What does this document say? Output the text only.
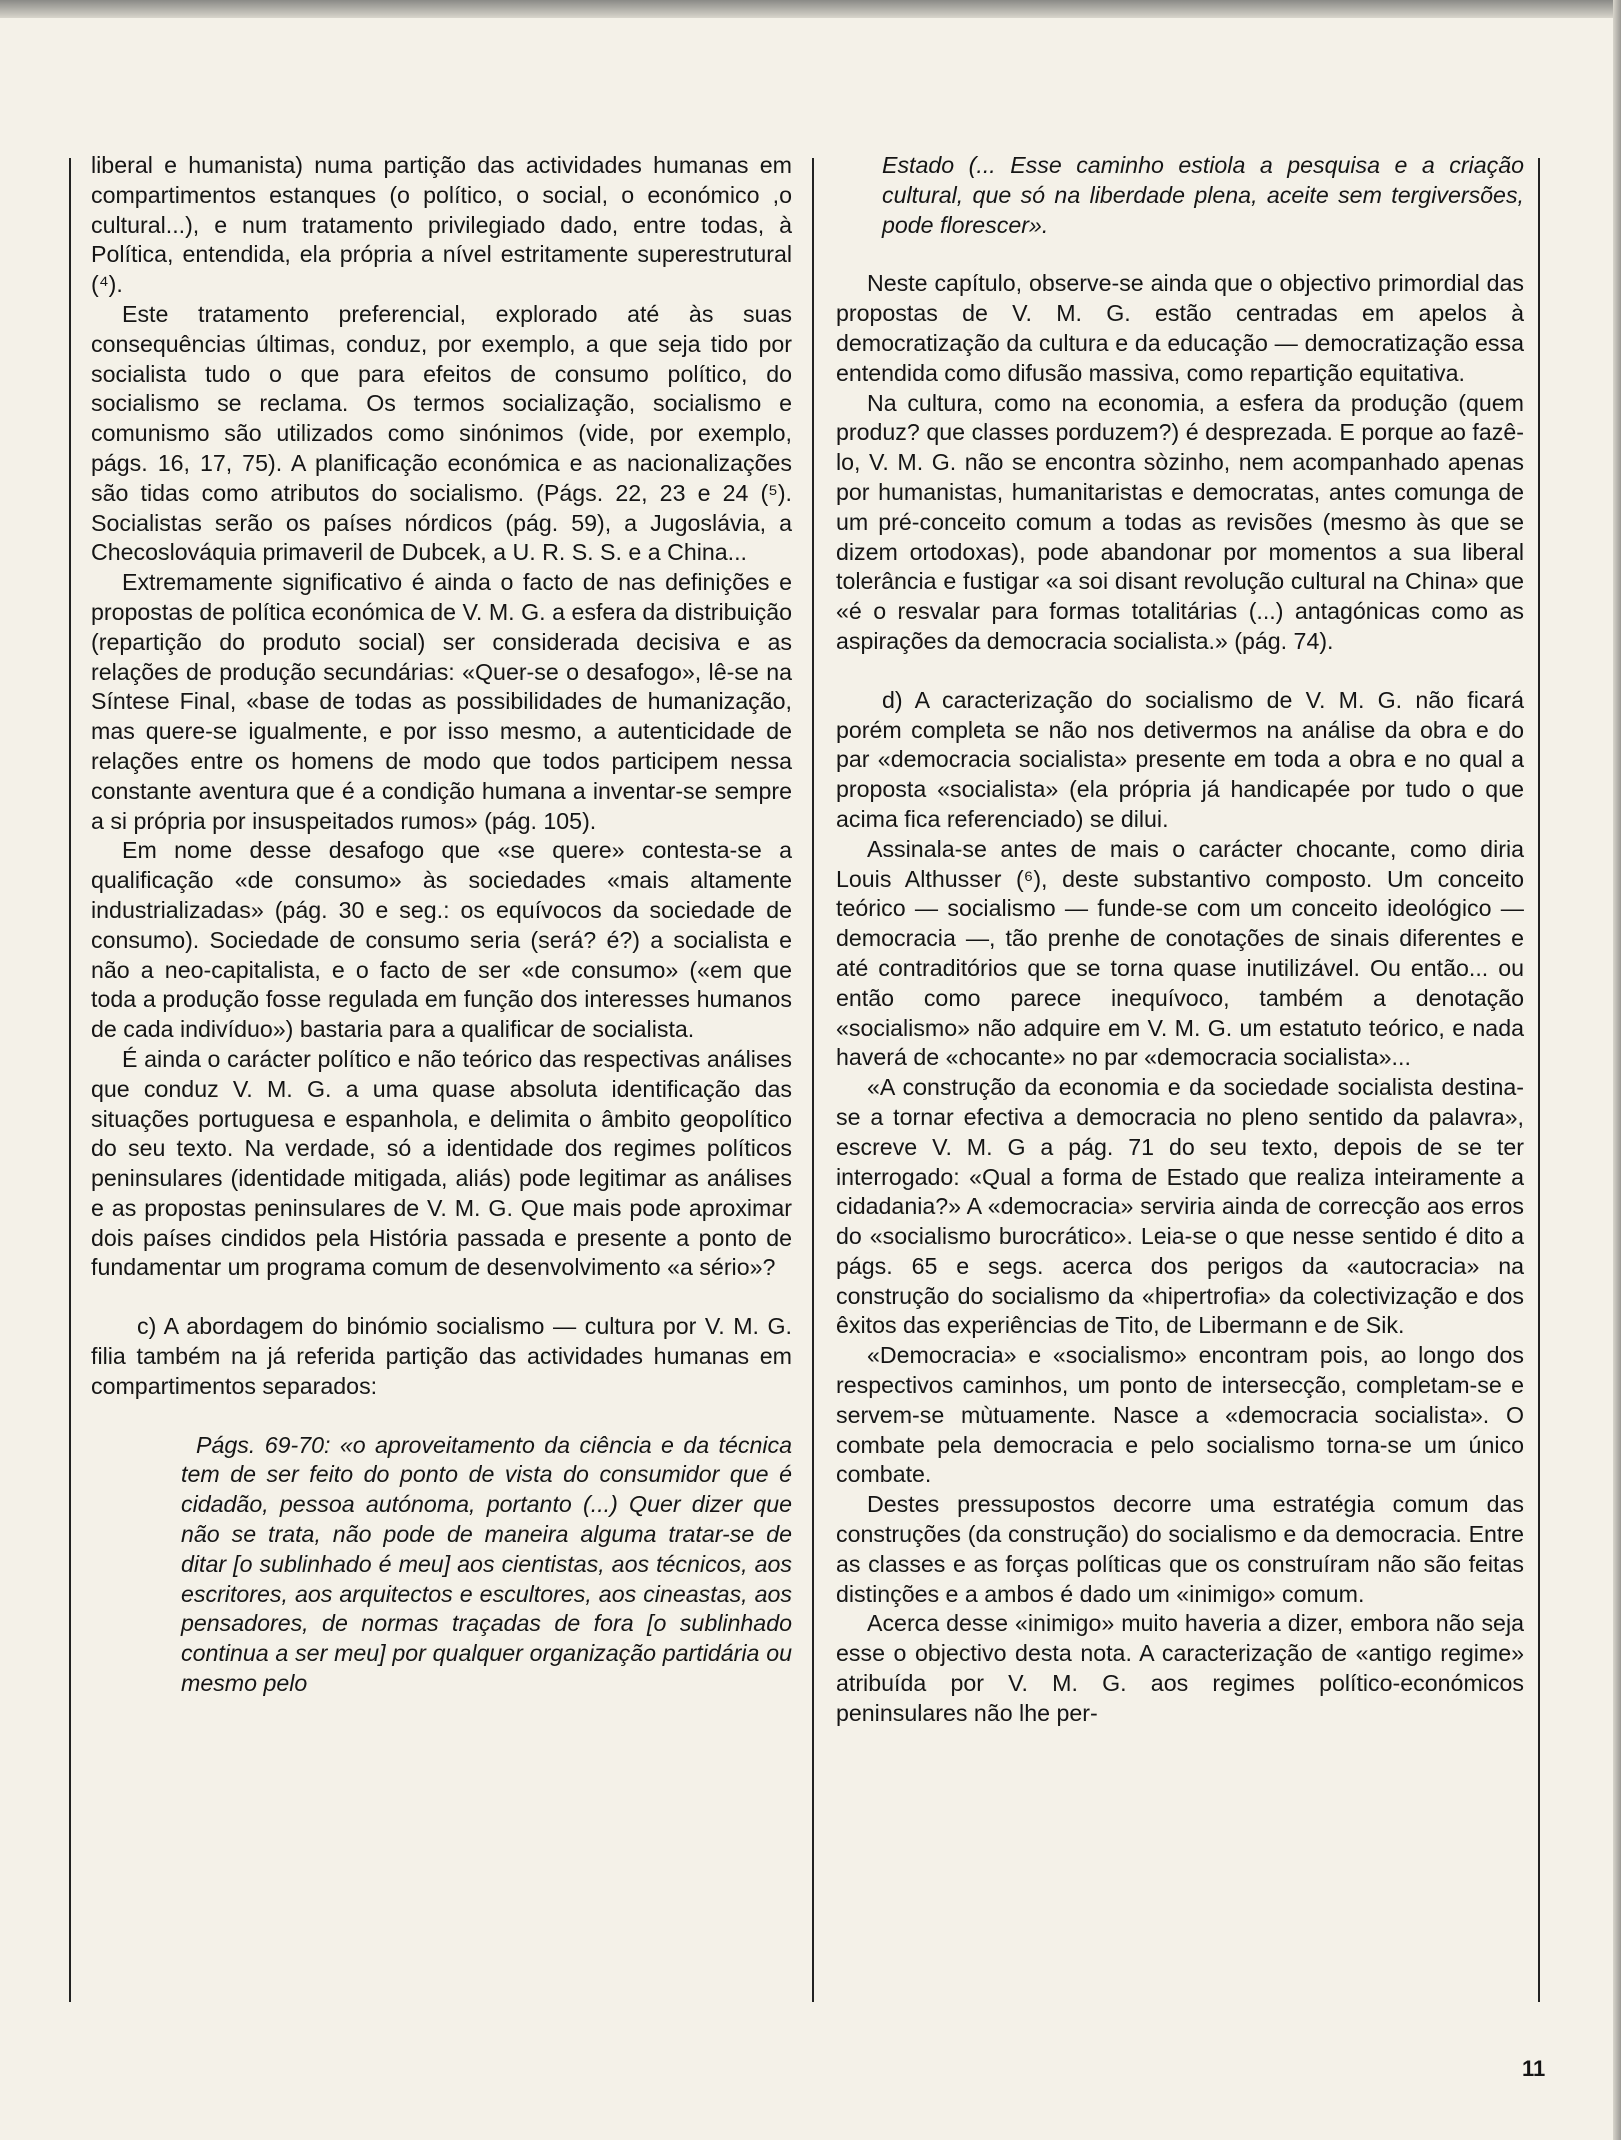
liberal e humanista) numa partição das actividades humanas em compartimentos estanques (o político, o social, o económico ,o cultural...), e num tratamento privilegiado dado, entre todas, à Política, entendida, ela própria a nível estritamente superestrutural (⁴).

Este tratamento preferencial, explorado até às suas consequências últimas, conduz, por exemplo, a que seja tido por socialista tudo o que para efeitos de consumo político, do socialismo se reclama. Os termos socialização, socialismo e comunismo são utilizados como sinónimos (vide, por exemplo, págs. 16, 17, 75). A planificação económica e as nacionalizações são tidas como atributos do socialismo. (Págs. 22, 23 e 24 (⁵). Socialistas serão os países nórdicos (pág. 59), a Jugoslávia, a Checoslováquia primaveril de Dubcek, a U. R. S. S. e a China...

Extremamente significativo é ainda o facto de nas definições e propostas de política económica de V. M. G. a esfera da distribuição (repartição do produto social) ser considerada decisiva e as relações de produção secundárias: «Quer-se o desafogo», lê-se na Síntese Final, «base de todas as possibilidades de humanização, mas quere-se igualmente, e por isso mesmo, a autenticidade de relações entre os homens de modo que todos participem nessa constante aventura que é a condição humana a inventar-se sempre a si própria por insuspeitados rumos» (pág. 105).

Em nome desse desafogo que «se quere» contesta-se a qualificação «de consumo» às sociedades «mais altamente industrializadas» (pág. 30 e seg.: os equívocos da sociedade de consumo). Sociedade de consumo seria (será? é?) a socialista e não a neo-capitalista, e o facto de ser «de consumo» («em que toda a produção fosse regulada em função dos interesses humanos de cada indivíduo») bastaria para a qualificar de socialista.

É ainda o carácter político e não teórico das respectivas análises que conduz V. M. G. a uma quase absoluta identificação das situações portuguesa e espanhola, e delimita o âmbito geopolítico do seu texto. Na verdade, só a identidade dos regimes políticos peninsulares (identidade mitigada, aliás) pode legitimar as análises e as propostas peninsulares de V. M. G. Que mais pode aproximar dois países cindidos pela História passada e presente a ponto de fundamentar um programa comum de desenvolvimento «a sério»?

c) A abordagem do binómio socialismo — cultura por V. M. G. filia também na já referida partição das actividades humanas em compartimentos separados:

Págs. 69-70: «o aproveitamento da ciência e da técnica tem de ser feito do ponto de vista do consumidor que é cidadão, pessoa autónoma, portanto (...) Quer dizer que não se trata, não pode de maneira alguma tratar-se de ditar [o sublinhado é meu] aos cientistas, aos técnicos, aos escritores, aos arquitectos e escultores, aos cineastas, aos pensadores, de normas traçadas de fora [o sublinhado continua a ser meu] por qualquer organização partidária ou mesmo pelo

Estado (... Esse caminho estiola a pesquisa e a criação cultural, que só na liberdade plena, aceite sem tergiversões, pode florescer».

Neste capítulo, observe-se ainda que o objectivo primordial das propostas de V. M. G. estão centradas em apelos à democratização da cultura e da educação — democratização essa entendida como difusão massiva, como repartição equitativa.

Na cultura, como na economia, a esfera da produção (quem produz? que classes porduzem?) é desprezada. E porque ao fazê-lo, V. M. G. não se encontra sòzinho, nem acompanhado apenas por humanistas, humanitaristas e democratas, antes comunga de um pré-conceito comum a todas as revisões (mesmo às que se dizem ortodoxas), pode abandonar por momentos a sua liberal tolerância e fustigar «a soi disant revolução cultural na China» que «é o resvalar para formas totalitárias (...) antagónicas como as aspirações da democracia socialista.» (pág. 74).

d) A caracterização do socialismo de V. M. G. não ficará porém completa se não nos detivermos na análise da obra e do par «democracia socialista» presente em toda a obra e no qual a proposta «socialista» (ela própria já handicapée por tudo o que acima fica referenciado) se dilui.

Assinala-se antes de mais o carácter chocante, como diria Louis Althusser (⁶), deste substantivo composto. Um conceito teórico — socialismo — funde-se com um conceito ideológico — democracia —, tão prenhe de conotações de sinais diferentes e até contraditórios que se torna quase inutilizável. Ou então... ou então como parece inequívoco, também a denotação «socialismo» não adquire em V. M. G. um estatuto teórico, e nada haverá de «chocante» no par «democracia socialista»...

«A construção da economia e da sociedade socialista destina-se a tornar efectiva a democracia no pleno sentido da palavra», escreve V. M. G a pág. 71 do seu texto, depois de se ter interrogado: «Qual a forma de Estado que realiza inteiramente a cidadania?» A «democracia» serviria ainda de correcção aos erros do «socialismo burocrático». Leia-se o que nesse sentido é dito a págs. 65 e segs. acerca dos perigos da «autocracia» na construção do socialismo da «hipertrofia» da colectivização e dos êxitos das experiências de Tito, de Libermann e de Sik.

«Democracia» e «socialismo» encontram pois, ao longo dos respectivos caminhos, um ponto de intersecção, completam-se e servem-se mùtuamente. Nasce a «democracia socialista». O combate pela democracia e pelo socialismo torna-se um único combate.

Destes pressupostos decorre uma estratégia comum das construções (da construção) do socialismo e da democracia. Entre as classes e as forças políticas que os construíram não são feitas distinções e a ambos é dado um «inimigo» comum.

Acerca desse «inimigo» muito haveria a dizer, embora não seja esse o objectivo desta nota. A caracterização de «antigo regime» atribuída por V. M. G. aos regimes político-económicos peninsulares não lhe per-

11
